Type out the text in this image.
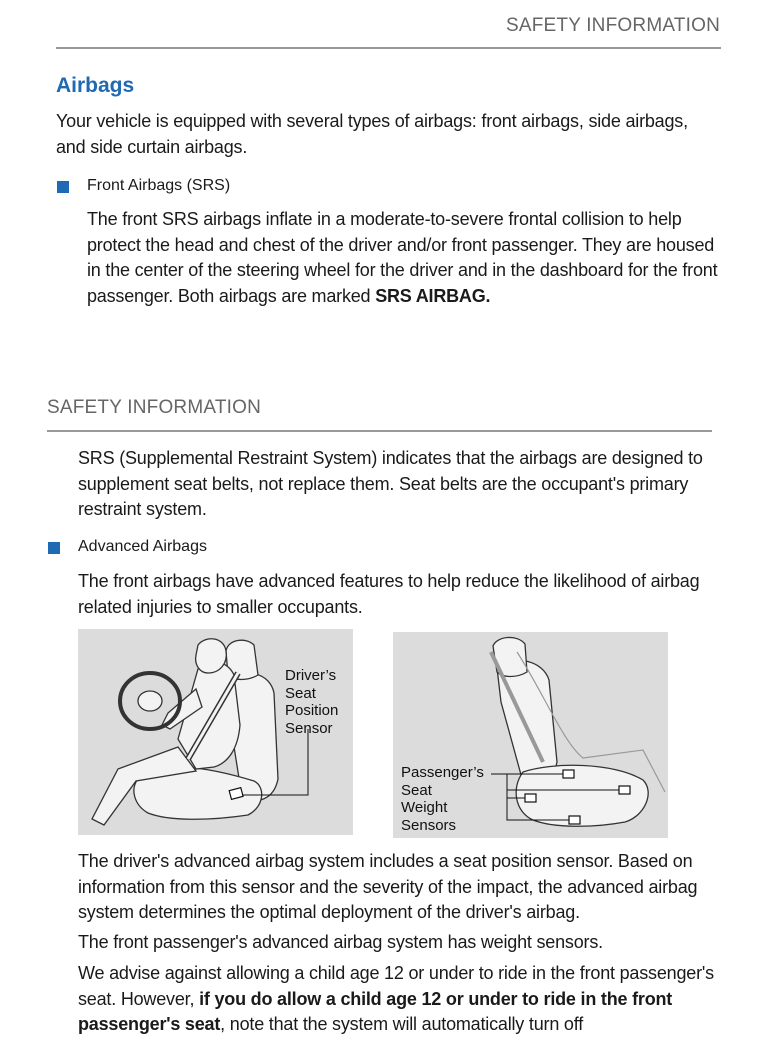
SAFETY INFORMATION
Airbags
Your vehicle is equipped with several types of airbags: front airbags, side airbags, and side curtain airbags.
Front Airbags (SRS)
The front SRS airbags inflate in a moderate-to-severe frontal collision to help protect the head and chest of the driver and/or front passenger. They are housed in the center of the steering wheel for the driver and in the dashboard for the front passenger. Both airbags are marked SRS AIRBAG.
SAFETY INFORMATION
SRS (Supplemental Restraint System) indicates that the airbags are designed to supplement seat belts, not replace them. Seat belts are the occupant's primary restraint system.
Advanced Airbags
The front airbags have advanced features to help reduce the likelihood of airbag related injuries to smaller occupants.
Driver’s
Seat
Position
Sensor
Passenger’s
Seat
Weight
Sensors
The driver's advanced airbag system includes a seat position sensor. Based on information from this sensor and the severity of the impact, the advanced airbag system determines the optimal deployment of the driver's airbag.
The front passenger's advanced airbag system has weight sensors.
We advise against allowing a child age 12 or under to ride in the front passenger's seat. However, if you do allow a child age 12 or under to ride in the front passenger's seat, note that the system will automatically turn off
